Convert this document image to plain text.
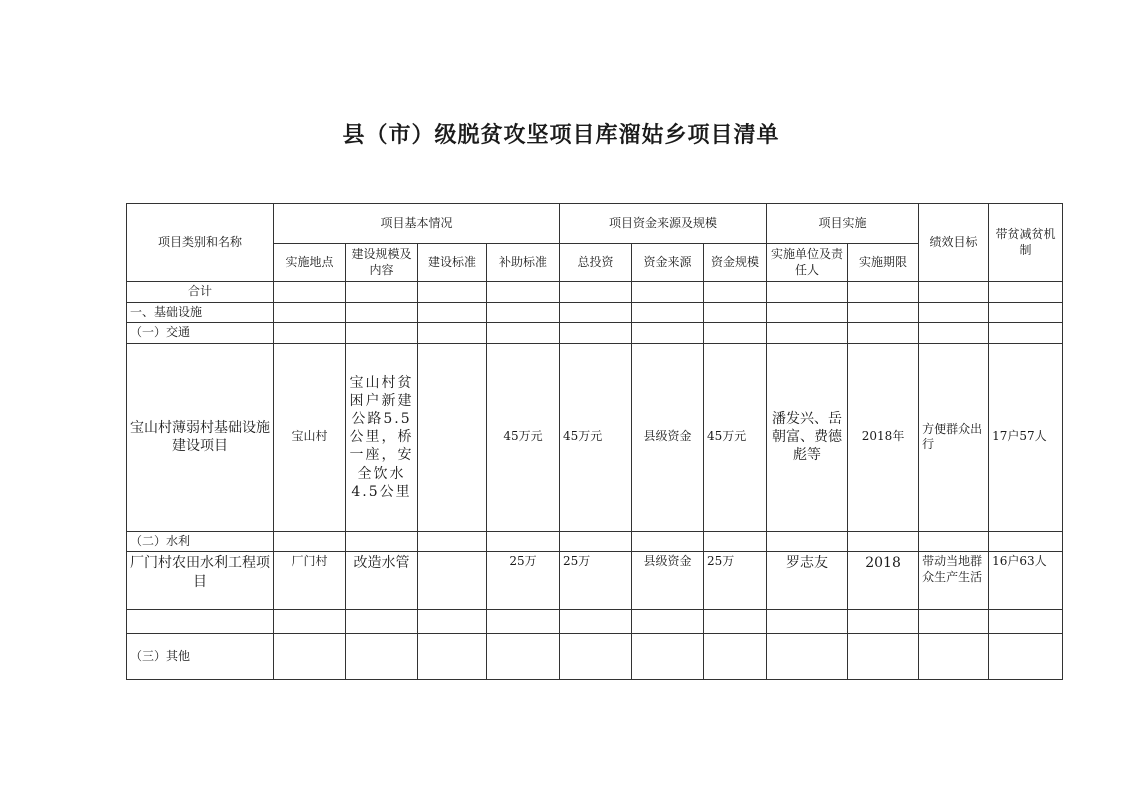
县（市）级脱贫攻坚项目库溜姑乡项目清单
项目类别和名称	项目基本情况				项目资金来源及规模			项目实施		绩效目标	带贫减贫机制
	实施地点	建设规模及内容	建设标准	补助标准	总投资	资金来源	资金规模	实施单位及责任人	实施期限		
合计											
一、基础设施											
（一）交通											
宝山村薄弱村基础设施建设项目	宝山村	宝山村贫困户新建公路5.5公里，桥一座，安全饮水4.5公里		45万元	45万元	县级资金	45万元	潘发兴、岳朝富、费德彪等	2018年	方便群众出行	17户57人
（二）水利											
厂门村农田水利工程项目	厂门村	改造水管		25万	25万	县级资金	25万	罗志友	2018	带动当地群众生产生活	16户63人

（三）其他											
